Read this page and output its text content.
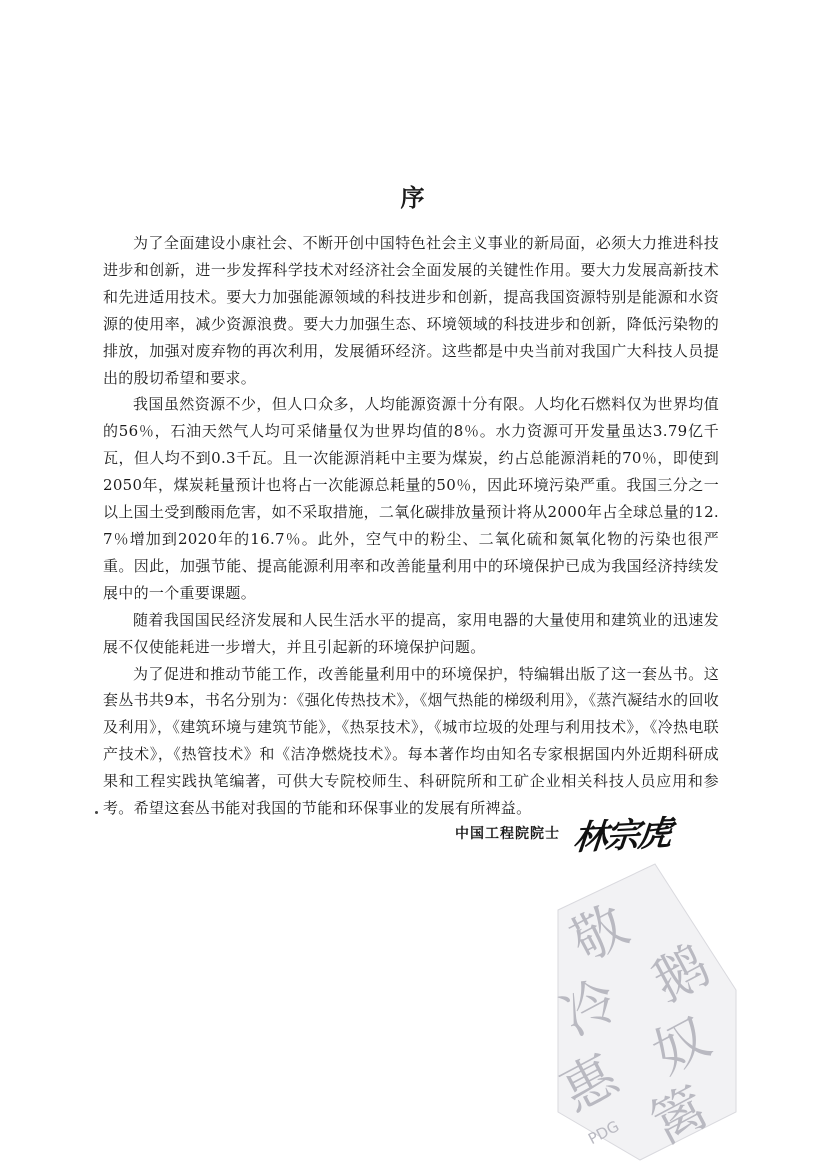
序

为了全面建设小康社会、不断开创中国特色社会主义事业的新局面，必须大力推进科技进步和创新，进一步发挥科学技术对经济社会全面发展的关键性作用。要大力发展高新技术和先进适用技术。要大力加强能源领域的科技进步和创新，提高我国资源特别是能源和水资源的使用率，减少资源浪费。要大力加强生态、环境领域的科技进步和创新，降低污染物的排放，加强对废弃物的再次利用，发展循环经济。这些都是中央当前对我国广大科技人员提出的殷切希望和要求。

我国虽然资源不少，但人口众多，人均能源资源十分有限。人均化石燃料仅为世界均值的56％，石油天然气人均可采储量仅为世界均值的8％。水力资源可开发量虽达3.79亿千瓦，但人均不到0.3千瓦。且一次能源消耗中主要为煤炭，约占总能源消耗的70％，即使到2050年，煤炭耗量预计也将占一次能源总耗量的50％，因此环境污染严重。我国三分之一以上国土受到酸雨危害，如不采取措施，二氧化碳排放量预计将从2000年占全球总量的12.7％增加到2020年的16.7％。此外，空气中的粉尘、二氧化硫和氮氧化物的污染也很严重。因此，加强节能、提高能源利用率和改善能量利用中的环境保护已成为我国经济持续发展中的一个重要课题。

随着我国国民经济发展和人民生活水平的提高，家用电器的大量使用和建筑业的迅速发展不仅使能耗进一步增大，并且引起新的环境保护问题。

为了促进和推动节能工作，改善能量利用中的环境保护，特编辑出版了这一套丛书。这套丛书共9本，书名分别为：《强化传热技术》，《烟气热能的梯级利用》，《蒸汽凝结水的回收及利用》，《建筑环境与建筑节能》，《热泵技术》，《城市垃圾的处理与利用技术》，《冷热电联产技术》，《热管技术》和《洁净燃烧技术》。每本著作均由知名专家根据国内外近期科研成果和工程实践执笔编著，可供大专院校师生、科研院所和工矿企业相关科技人员应用和参考。希望这套丛书能对我国的节能和环保事业的发展有所裨益。

中国工程院院士 林宗虎
敬 鹅
冷 奴
惠 篱
PDG
